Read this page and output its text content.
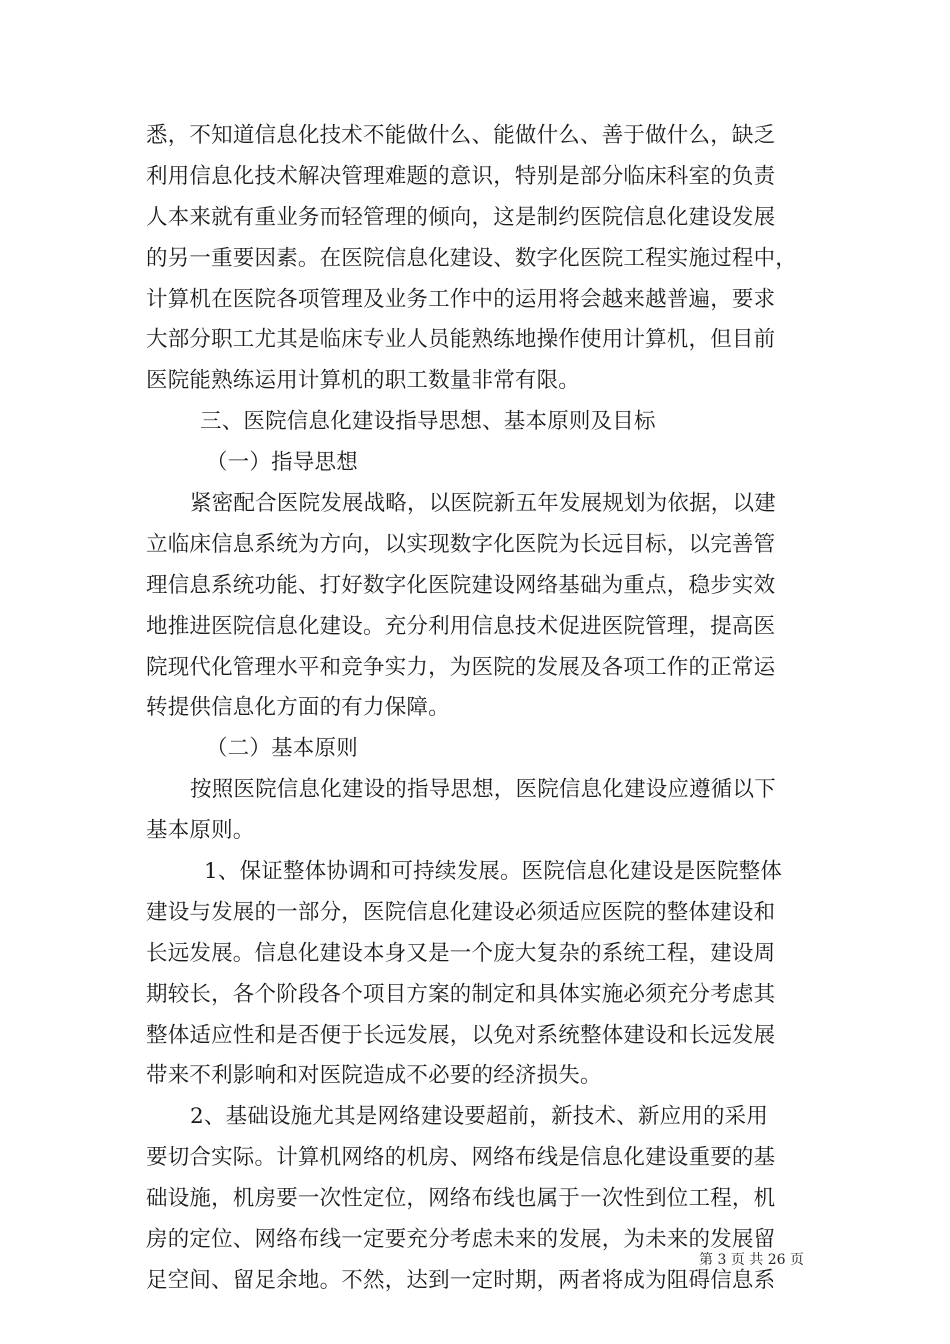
悉，不知道信息化技术不能做什么、能做什么、善于做什么，缺乏
利用信息化技术解决管理难题的意识，特别是部分临床科室的负责
人本来就有重业务而轻管理的倾向，这是制约医院信息化建设发展
的另一重要因素。在医院信息化建设、数字化医院工程实施过程中，
计算机在医院各项管理及业务工作中的运用将会越来越普遍，要求
大部分职工尤其是临床专业人员能熟练地操作使用计算机，但目前
医院能熟练运用计算机的职工数量非常有限。
三、医院信息化建设指导思想、基本原则及目标
（一）指导思想
紧密配合医院发展战略，以医院新五年发展规划为依据，以建
立临床信息系统为方向，以实现数字化医院为长远目标，以完善管
理信息系统功能、打好数字化医院建设网络基础为重点，稳步实效
地推进医院信息化建设。充分利用信息技术促进医院管理，提高医
院现代化管理水平和竞争实力，为医院的发展及各项工作的正常运
转提供信息化方面的有力保障。
（二）基本原则
按照医院信息化建设的指导思想，医院信息化建设应遵循以下
基本原则。
1、保证整体协调和可持续发展。医院信息化建设是医院整体
建设与发展的一部分，医院信息化建设必须适应医院的整体建设和
长远发展。信息化建设本身又是一个庞大复杂的系统工程，建设周
期较长，各个阶段各个项目方案的制定和具体实施必须充分考虑其
整体适应性和是否便于长远发展，以免对系统整体建设和长远发展
带来不利影响和对医院造成不必要的经济损失。
2、基础设施尤其是网络建设要超前，新技术、新应用的采用
要切合实际。计算机网络的机房、网络布线是信息化建设重要的基
础设施，机房要一次性定位，网络布线也属于一次性到位工程，机
房的定位、网络布线一定要充分考虑未来的发展，为未来的发展留
足空间、留足余地。不然，达到一定时期，两者将成为阻碍信息系
第 3 页 共 26 页
